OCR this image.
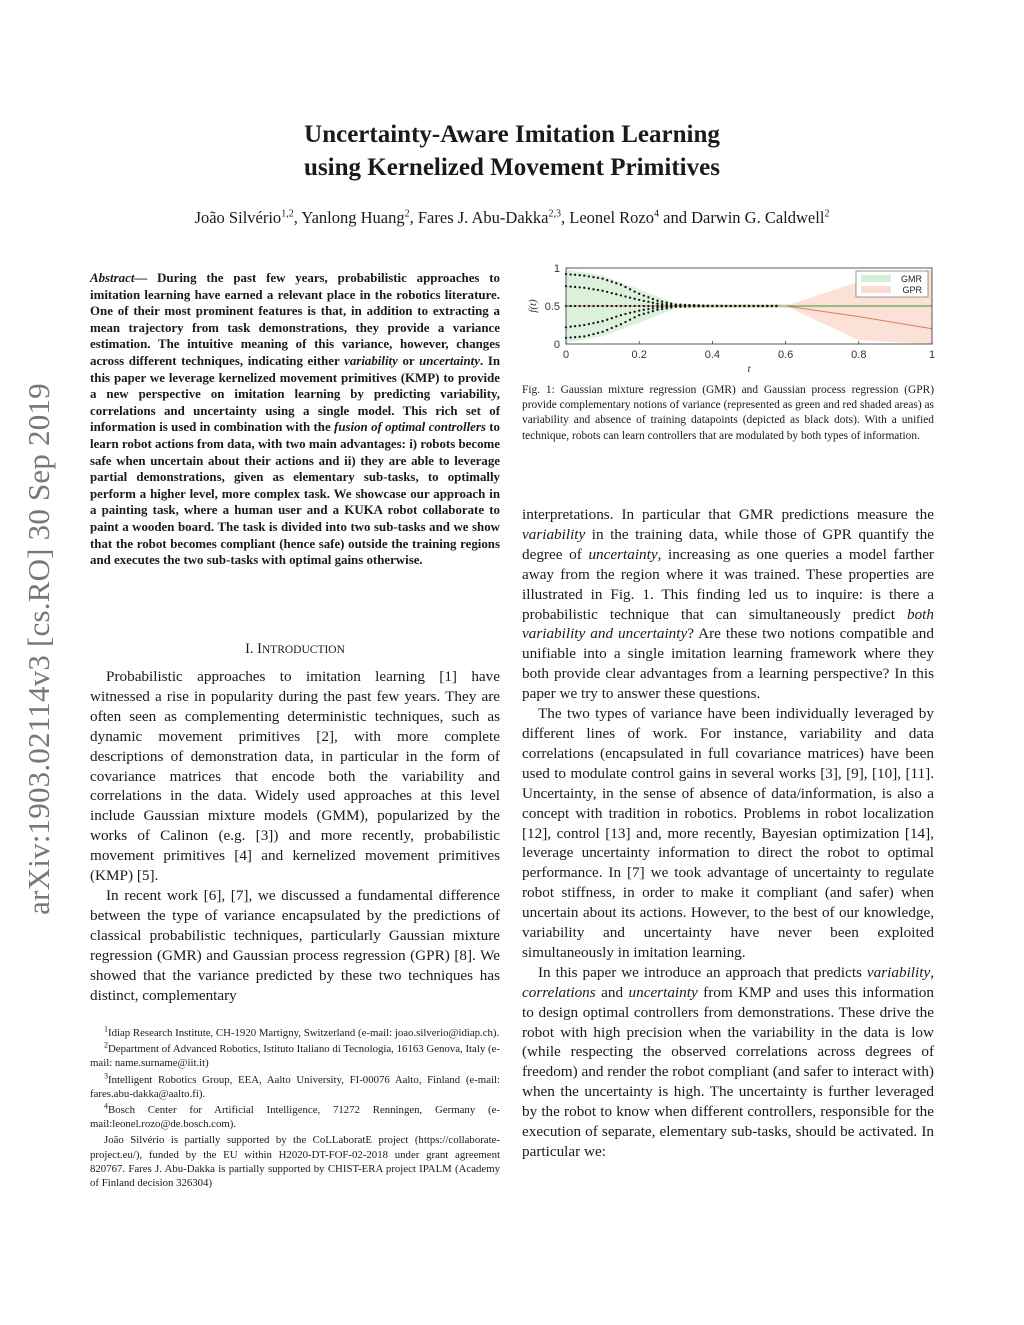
arXiv:1903.02114v3 [cs.RO] 30 Sep 2019
Uncertainty-Aware Imitation Learning
using Kernelized Movement Primitives
João Silvério$^{1,2}$, Yanlong Huang$^2$, Fares J. Abu-Dakka$^{2,3}$, Leonel Rozo$^4$ and Darwin G. Caldwell$^2$
Abstract— During the past few years, probabilistic approaches to imitation learning have earned a relevant place in the robotics literature. One of their most prominent features is that, in addition to extracting a mean trajectory from task demonstrations, they provide a variance estimation. The intuitive meaning of this variance, however, changes across different techniques, indicating either variability or uncertainty. In this paper we leverage kernelized movement primitives (KMP) to provide a new perspective on imitation learning by predicting variability, correlations and uncertainty using a single model. This rich set of information is used in combination with the fusion of optimal controllers to learn robot actions from data, with two main advantages: i) robots become safe when uncertain about their actions and ii) they are able to leverage partial demonstrations, given as elementary sub-tasks, to optimally perform a higher level, more complex task. We showcase our approach in a painting task, where a human user and a KUKA robot collaborate to paint a wooden board. The task is divided into two sub-tasks and we show that the robot becomes compliant (hence safe) outside the training regions and executes the two sub-tasks with optimal gains otherwise.
I. INTRODUCTION

Probabilistic approaches to imitation learning [1] have witnessed a rise in popularity during the past few years. They are often seen as complementing deterministic techniques, such as dynamic movement primitives [2], with more complete descriptions of demonstration data, in particular in the form of covariance matrices that encode both the variability and correlations in the data. Widely used approaches at this level include Gaussian mixture models (GMM), popularized by the works of Calinon (e.g. [3]) and more recently, probabilistic movement primitives [4] and kernelized movement primitives (KMP) [5].

In recent work [6], [7], we discussed a fundamental difference between the type of variance encapsulated by the predictions of classical probabilistic techniques, particularly Gaussian mixture regression (GMR) and Gaussian process regression (GPR) [8]. We showed that the variance predicted by these two techniques has distinct, complementary

$^1$Idiap Research Institute, CH-1920 Martigny, Switzerland (e-mail: joao.silverio@idiap.ch).

$^2$Department of Advanced Robotics, Istituto Italiano di Tecnologia, 16163 Genova, Italy (e-mail: name.surname@iit.it)

$^3$Intelligent Robotics Group, EEA, Aalto University, FI-00076 Aalto, Finland (e-mail: fares.abu-dakka@aalto.fi).

$^4$Bosch Center for Artificial Intelligence, 71272 Renningen, Germany (e-mail:leonel.rozo@de.bosch.com).

João Silvério is partially supported by the CoLLaboratE project (https://collaborate-project.eu/), funded by the EU within H2020-DT-FOF-02-2018 under grant agreement 820767. Fares J. Abu-Dakka is partially supported by CHIST-ERA project IPALM (Academy of Finland decision 326304)

0	0.2	0.4	0.6	0.8	1
0
0.5
1
t
f(t)
GMR
GPR
Fig. 1: Gaussian mixture regression (GMR) and Gaussian process regression (GPR) provide complementary notions of variance (represented as green and red shaded areas) as variability and absence of training datapoints (depicted as black dots). With a unified technique, robots can learn controllers that are modulated by both types of information.

interpretations. In particular that GMR predictions measure the variability in the training data, while those of GPR quantify the degree of uncertainty, increasing as one queries a model farther away from the region where it was trained. These properties are illustrated in Fig. 1. This finding led us to inquire: is there a probabilistic technique that can simultaneously predict both variability and uncertainty? Are these two notions compatible and unifiable into a single imitation learning framework where they both provide clear advantages from a learning perspective? In this paper we try to answer these questions.

The two types of variance have been individually leveraged by different lines of work. For instance, variability and data correlations (encapsulated in full covariance matrices) have been used to modulate control gains in several works [3], [9], [10], [11]. Uncertainty, in the sense of absence of data/information, is also a concept with tradition in robotics. Problems in robot localization [12], control [13] and, more recently, Bayesian optimization [14], leverage uncertainty information to direct the robot to optimal performance. In [7] we took advantage of uncertainty to regulate robot stiffness, in order to make it compliant (and safer) when uncertain about its actions. However, to the best of our knowledge, variability and uncertainty have never been exploited simultaneously in imitation learning.

In this paper we introduce an approach that predicts variability, correlations and uncertainty from KMP and uses this information to design optimal controllers from demonstrations. These drive the robot with high precision when the variability in the data is low (while respecting the observed correlations across degrees of freedom) and render the robot compliant (and safer to interact with) when the uncertainty is high. The uncertainty is further leveraged by the robot to know when different controllers, responsible for the execution of separate, elementary sub-tasks, should be activated. In particular we:
